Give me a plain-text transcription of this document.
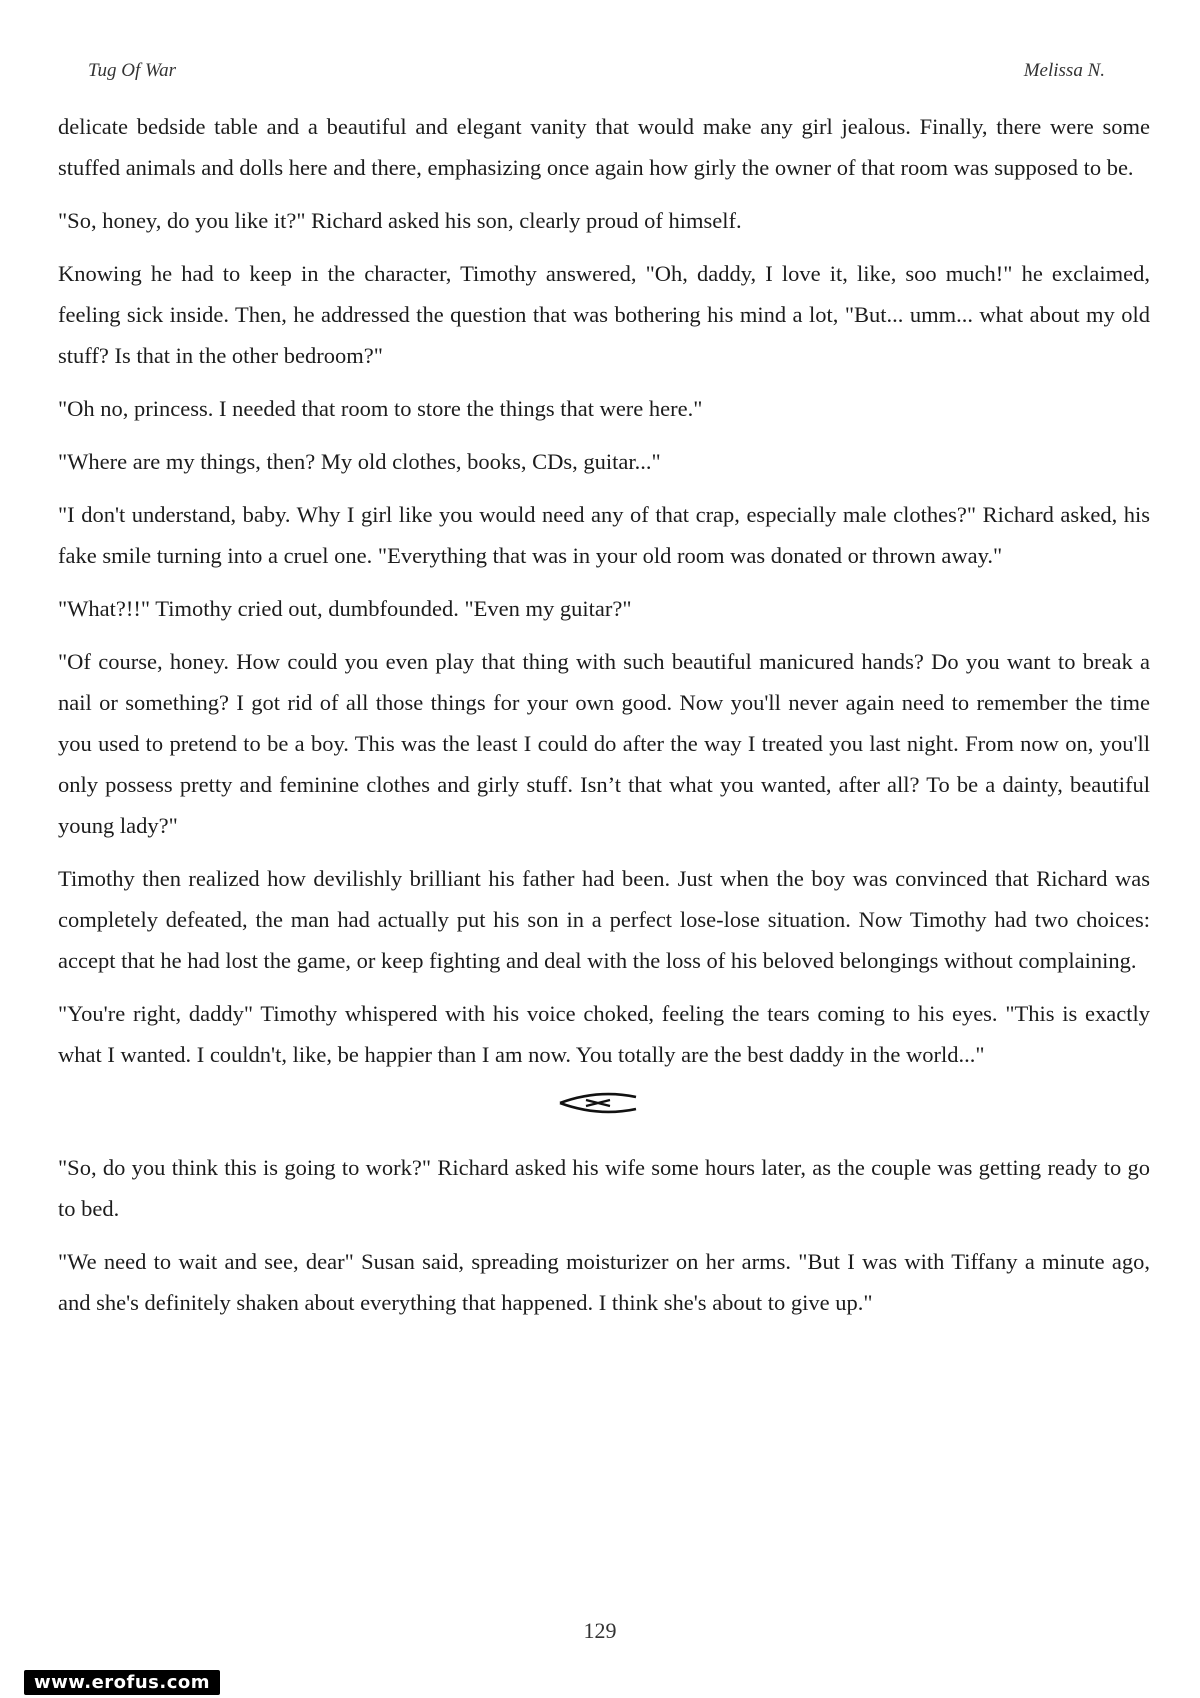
Tug Of War	Melissa N.

delicate bedside table and a beautiful and elegant vanity that would make any girl jealous. Finally, there were some stuffed animals and dolls here and there, emphasizing once again how girly the owner of that room was supposed to be.

"So, honey, do you like it?" Richard asked his son, clearly proud of himself.

Knowing he had to keep in the character, Timothy answered, "Oh, daddy, I love it, like, soo much!" he exclaimed, feeling sick inside. Then, he addressed the question that was bothering his mind a lot, "But... umm... what about my old stuff? Is that in the other bedroom?"

"Oh no, princess. I needed that room to store the things that were here."

"Where are my things, then? My old clothes, books, CDs, guitar..."

"I don't understand, baby. Why I girl like you would need any of that crap, especially male clothes?" Richard asked, his fake smile turning into a cruel one. "Everything that was in your old room was donated or thrown away."

"What?!!" Timothy cried out, dumbfounded. "Even my guitar?"

"Of course, honey. How could you even play that thing with such beautiful manicured hands? Do you want to break a nail or something? I got rid of all those things for your own good. Now you'll never again need to remember the time you used to pretend to be a boy. This was the least I could do after the way I treated you last night. From now on, you'll only possess pretty and feminine clothes and girly stuff. Isn’t that what you wanted, after all? To be a dainty, beautiful young lady?"

Timothy then realized how devilishly brilliant his father had been. Just when the boy was convinced that Richard was completely defeated, the man had actually put his son in a perfect lose-lose situation. Now Timothy had two choices: accept that he had lost the game, or keep fighting and deal with the loss of his beloved belongings without complaining.

"You're right, daddy" Timothy whispered with his voice choked, feeling the tears coming to his eyes. "This is exactly what I wanted. I couldn't, like, be happier than I am now. You totally are the best daddy in the world..."

"So, do you think this is going to work?" Richard asked his wife some hours later, as the couple was getting ready to go to bed.

"We need to wait and see, dear" Susan said, spreading moisturizer on her arms. "But I was with Tiffany a minute ago, and she's definitely shaken about everything that happened. I think she's about to give up."

129
www.erofus.com
